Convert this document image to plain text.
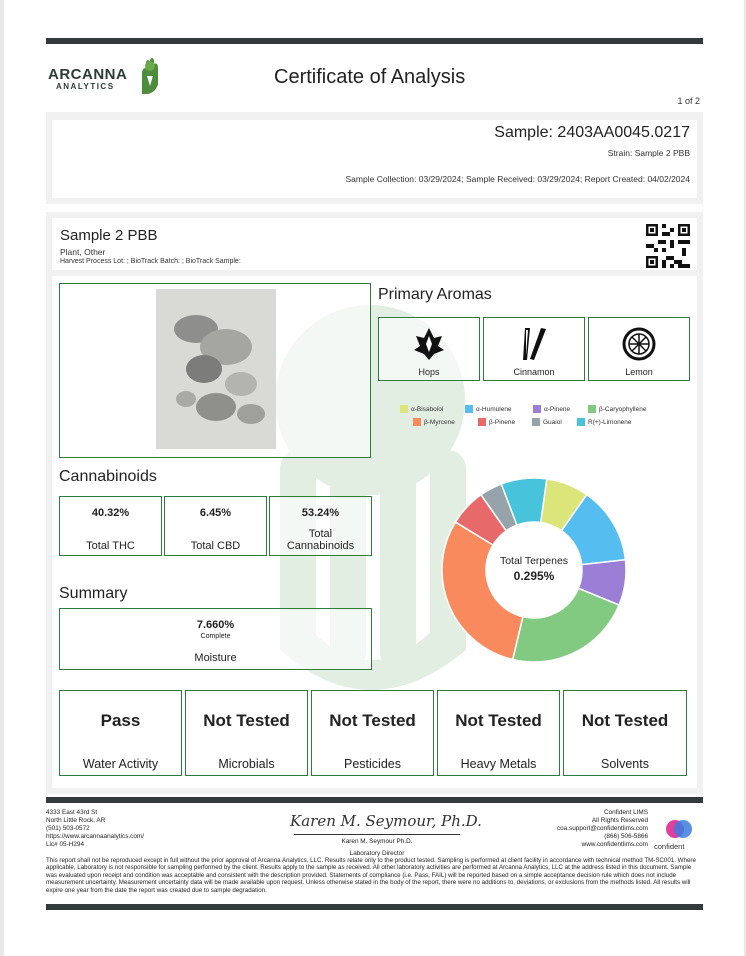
ARCANNA
ANALYTICS	Certificate of Analysis
1 of 2
Sample: 2403AA0045.0217
Strain: Sample 2 PBB
Sample Collection: 03/29/2024; Sample Received: 03/29/2024; Report Created: 04/02/2024
Sample 2 PBB
Plant, Other
Harvest Process Lot: ; BioTrack Batch: ; BioTrack Sample:
Primary Aromas
Hops	Cinnamon	Lemon
α-Bisabolol	α-Humulene	α-Pinene	β-Caryophyllene
β-Myrcene	β-Pinene	Guaiol	R(+)-Limonene
Total Terpenes
0.295%
Cannabinoids
40.32%
Total THC
6.45%
Total CBD
53.24%
Total
Cannabinoids
Summary
7.660%
Complete
Moisture
Pass
Water Activity
Not Tested
Microbials
Not Tested
Pesticides
Not Tested
Heavy Metals
Not Tested
Solvents
4333 East 43rd St
North Little Rock, AR
(501) 503-0572
https://www.arcannaanalytics.com/
Lic# 05-H294
Karen M. Seymour, Ph.D.
Karen M. Seymour Ph.D.
Laboratory Director
Confident LIMS
All Rights Reserved
coa.support@confidentlims.com
(866) 506-5866
www.confidentlims.com confident
This report shall not be reproduced except in full without the prior approval of Arcanna Analytics, LLC. Results relate only to the product tested. Sampling is performed at client facility in accordance with technical method TM-SC001. Where applicable, Laboratory is not responsible for sampling performed by the client. Results apply to the sample as received. All other laboratory activities are performed at Arcanna Analytics, LLC at the address listed in this document. Sample was evaluated upon receipt and condition was acceptable and consistent with the description provided. Statements of compliance (i.e. Pass, FAIL) will be reported based on a simple acceptance decision rule which does not include measurement uncertainty. Measurement uncertainty data will be made available upon request. Unless otherwise stated in the body of the report, there were no additions to, deviations, or exclusions from the methods listed. All results will expire one year from the date the report was created due to sample degradation.
